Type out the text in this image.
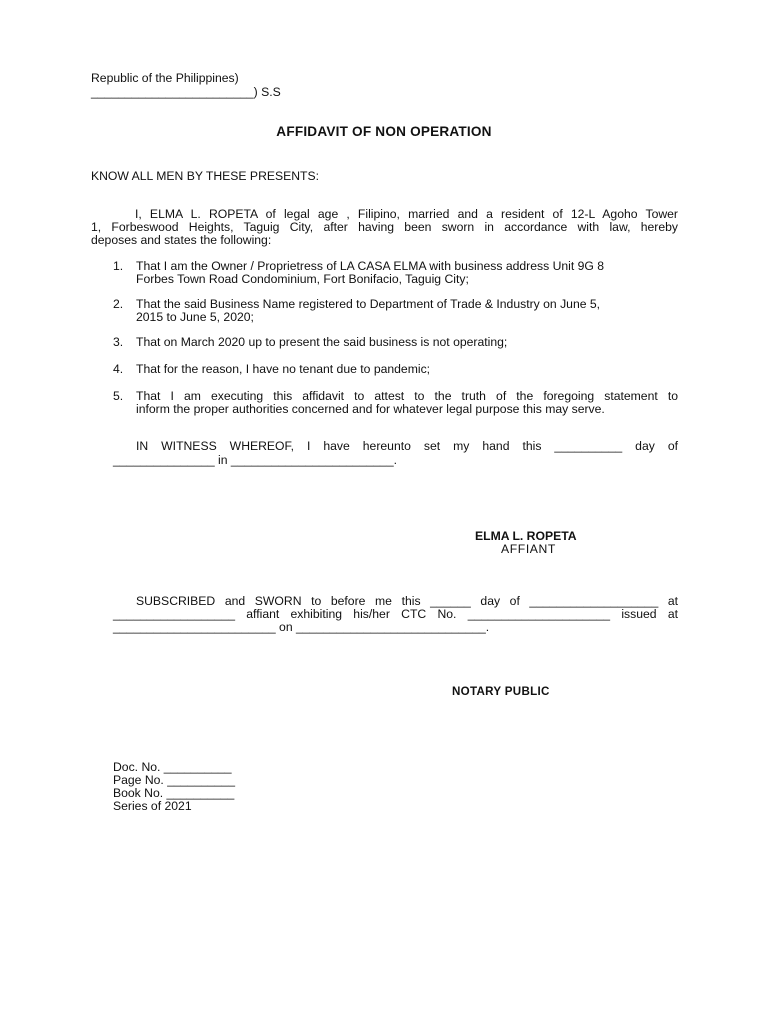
Republic of the Philippines)
________________________) S.S
AFFIDAVIT OF NON OPERATION
KNOW ALL MEN BY THESE PRESENTS:
I, ELMA L. ROPETA of legal age , Filipino, married and a resident of 12-L Agoho Tower
1, Forbeswood Heights, Taguig City, after having been sworn in accordance with law, hereby
deposes and states the following:
1. That I am the Owner / Proprietress of LA CASA ELMA with business address Unit 9G 8
Forbes Town Road Condominium, Fort Bonifacio, Taguig City;
2. That the said Business Name registered to Department of Trade & Industry on June 5,
2015 to June 5, 2020;
3. That on March 2020 up to present the said business is not operating;
4. That for the reason, I have no tenant due to pandemic;
5. That I am executing this affidavit to attest to the truth of the foregoing statement to
inform the proper authorities concerned and for whatever legal purpose this may serve.
IN WITNESS WHEREOF, I have hereunto set my hand this __________ day of
_______________ in ________________________.
ELMA L. ROPETA
AFFIANT
SUBSCRIBED and SWORN to before me this ______ day of ___________________ at
__________________ affiant exhibiting his/her CTC No. _____________________ issued at
________________________ on ____________________________.
NOTARY PUBLIC
Doc. No. __________
Page No. __________
Book No. __________
Series of 2021
